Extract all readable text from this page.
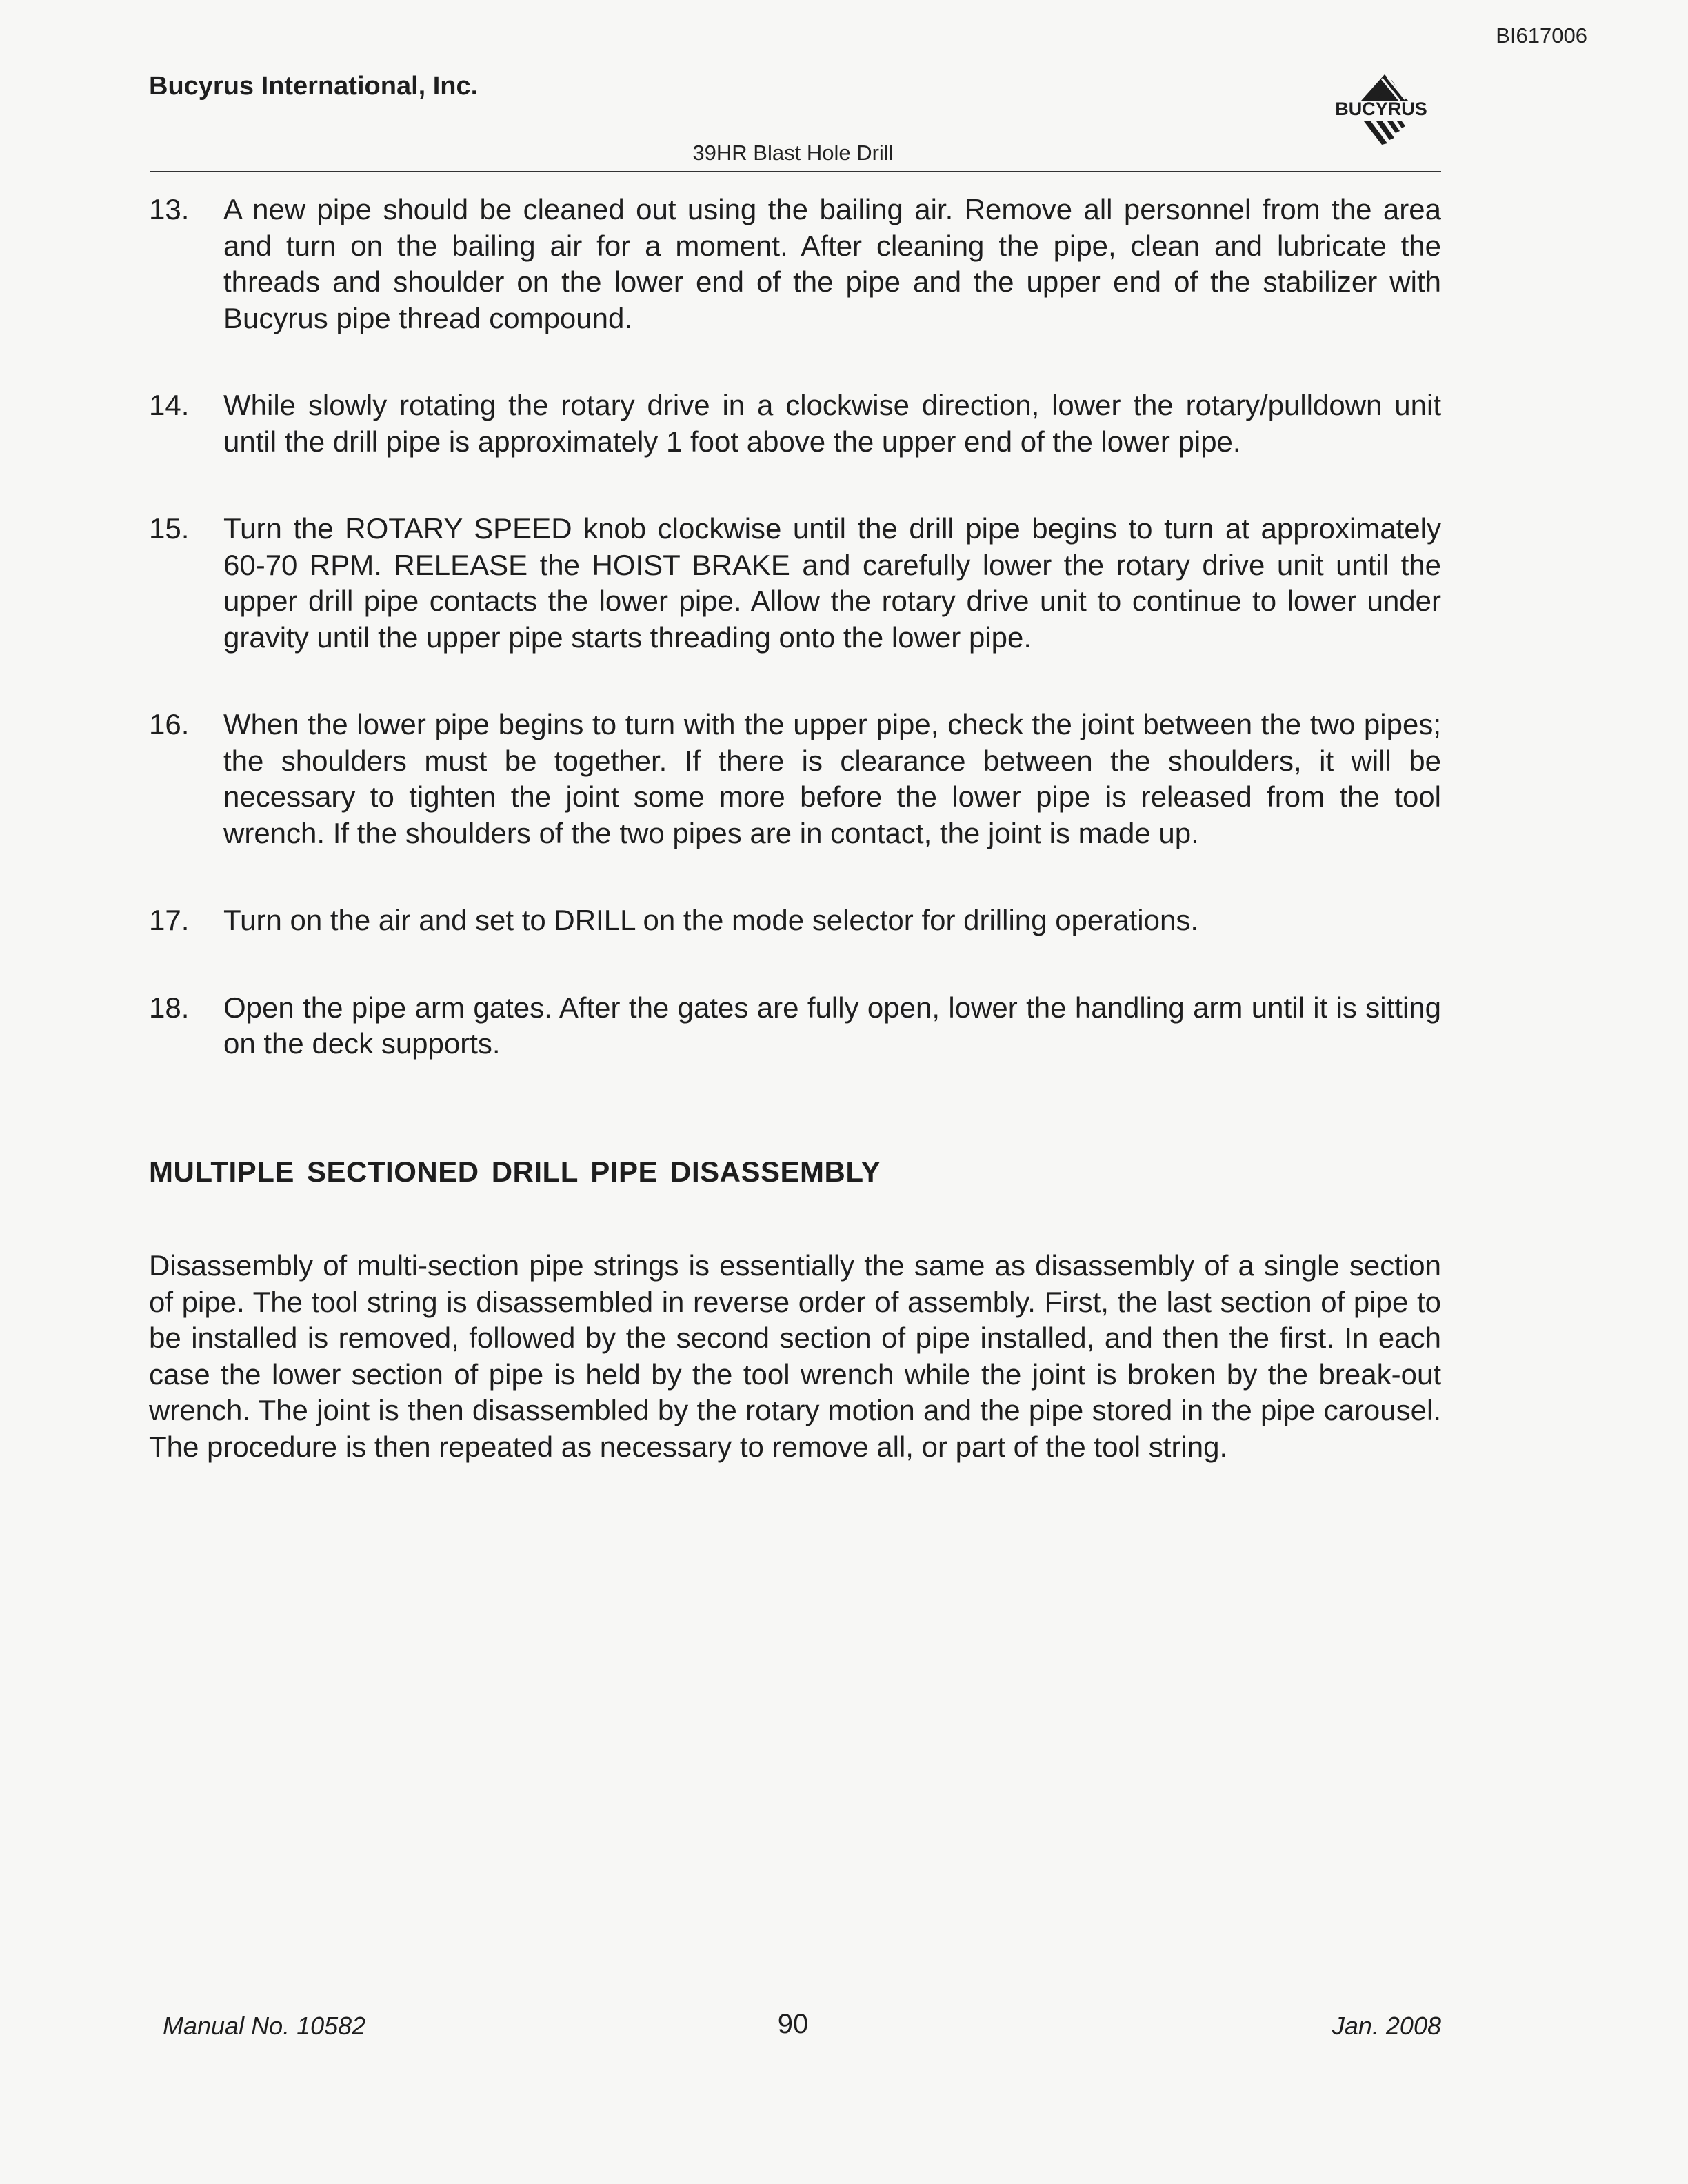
BI617006
Bucyrus International, Inc.
BUCYRUS
39HR Blast Hole Drill
13. A new pipe should be cleaned out using the bailing air. Remove all personnel from the area and turn on the bailing air for a moment. After cleaning the pipe, clean and lubricate the threads and shoulder on the lower end of the pipe and the upper end of the stabilizer with Bucyrus pipe thread compound.
14. While slowly rotating the rotary drive in a clockwise direction, lower the rotary/pulldown unit until the drill pipe is approximately 1 foot above the upper end of the lower pipe.
15. Turn the ROTARY SPEED knob clockwise until the drill pipe begins to turn at approximately 60-70 RPM. RELEASE the HOIST BRAKE and carefully lower the rotary drive unit until the upper drill pipe contacts the lower pipe. Allow the rotary drive unit to continue to lower under gravity until the upper pipe starts threading onto the lower pipe.
16. When the lower pipe begins to turn with the upper pipe, check the joint between the two pipes; the shoulders must be together. If there is clearance between the shoulders, it will be necessary to tighten the joint some more before the lower pipe is released from the tool wrench. If the shoulders of the two pipes are in contact, the joint is made up.
17. Turn on the air and set to DRILL on the mode selector for drilling operations.
18. Open the pipe arm gates. After the gates are fully open, lower the handling arm until it is sitting on the deck supports.
MULTIPLE SECTIONED DRILL PIPE DISASSEMBLY
Disassembly of multi-section pipe strings is essentially the same as disassembly of a single section of pipe. The tool string is disassembled in reverse order of assembly. First, the last section of pipe to be installed is removed, followed by the second section of pipe installed, and then the first. In each case the lower section of pipe is held by the tool wrench while the joint is broken by the break-out wrench. The joint is then disassembled by the rotary motion and the pipe stored in the pipe carousel. The procedure is then repeated as necessary to remove all, or part of the tool string.
Manual No. 10582	90	Jan. 2008
